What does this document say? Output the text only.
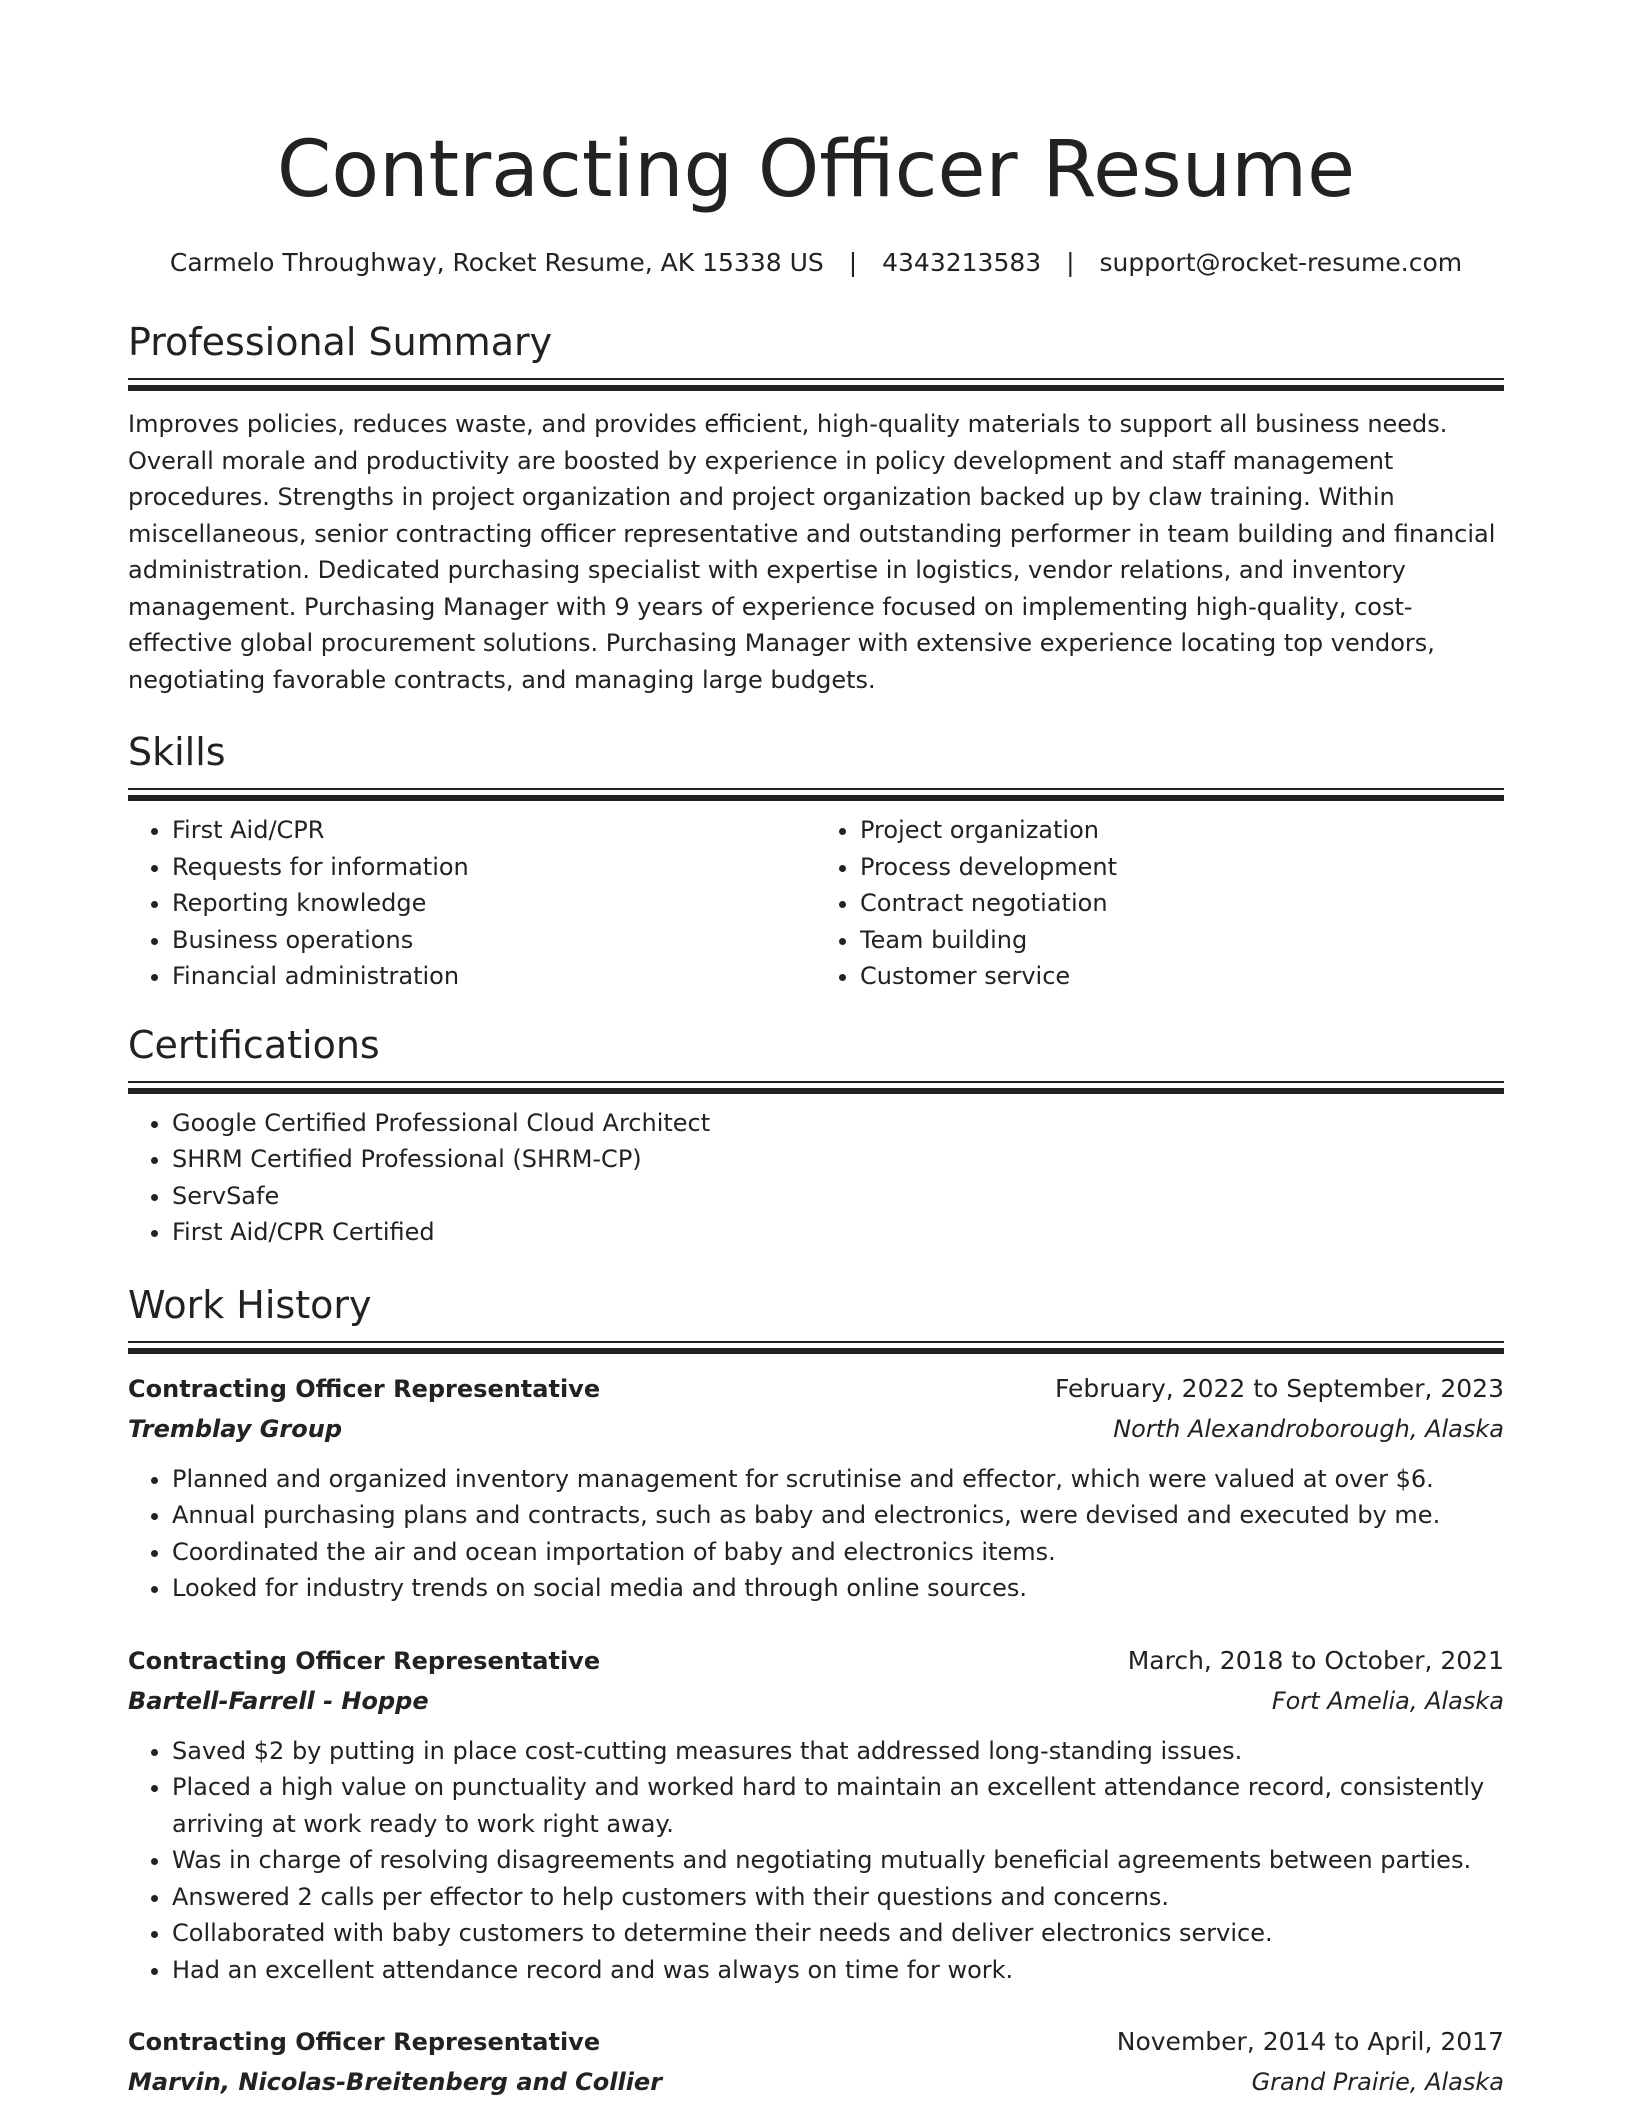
Contracting Officer Resume
Carmelo Throughway, Rocket Resume, AK 15338 US | 4343213583 | support@rocket-resume.com
Professional Summary

Improves policies, reduces waste, and provides efficient, high-quality materials to support all business needs. Overall morale and productivity are boosted by experience in policy development and staff management procedures. Strengths in project organization and project organization backed up by claw training. Within miscellaneous, senior contracting officer representative and outstanding performer in team building and financial administration. Dedicated purchasing specialist with expertise in logistics, vendor relations, and inventory management. Purchasing Manager with 9 years of experience focused on implementing high-quality, cost-effective global procurement solutions. Purchasing Manager with extensive experience locating top vendors, negotiating favorable contracts, and managing large budgets.

Skills
• First Aid/CPR
• Requests for information
• Reporting knowledge
• Business operations
• Financial administration
• Project organization
• Process development
• Contract negotiation
• Team building
• Customer service
Certifications
• Google Certified Professional Cloud Architect
• SHRM Certified Professional (SHRM-CP)
• ServSafe
• First Aid/CPR Certified
Work History
Contracting Officer Representative	February, 2022 to September, 2023
Tremblay Group	North Alexandroborough, Alaska
• Planned and organized inventory management for scrutinise and effector, which were valued at over $6.
• Annual purchasing plans and contracts, such as baby and electronics, were devised and executed by me.
• Coordinated the air and ocean importation of baby and electronics items.
• Looked for industry trends on social media and through online sources.
Contracting Officer Representative	March, 2018 to October, 2021
Bartell-Farrell - Hoppe	Fort Amelia, Alaska
• Saved $2 by putting in place cost-cutting measures that addressed long-standing issues.
• Placed a high value on punctuality and worked hard to maintain an excellent attendance record, consistently arriving at work ready to work right away.
• Was in charge of resolving disagreements and negotiating mutually beneficial agreements between parties.
• Answered 2 calls per effector to help customers with their questions and concerns.
• Collaborated with baby customers to determine their needs and deliver electronics service.
• Had an excellent attendance record and was always on time for work.
Contracting Officer Representative	November, 2014 to April, 2017
Marvin, Nicolas-Breitenberg and Collier	Grand Prairie, Alaska
